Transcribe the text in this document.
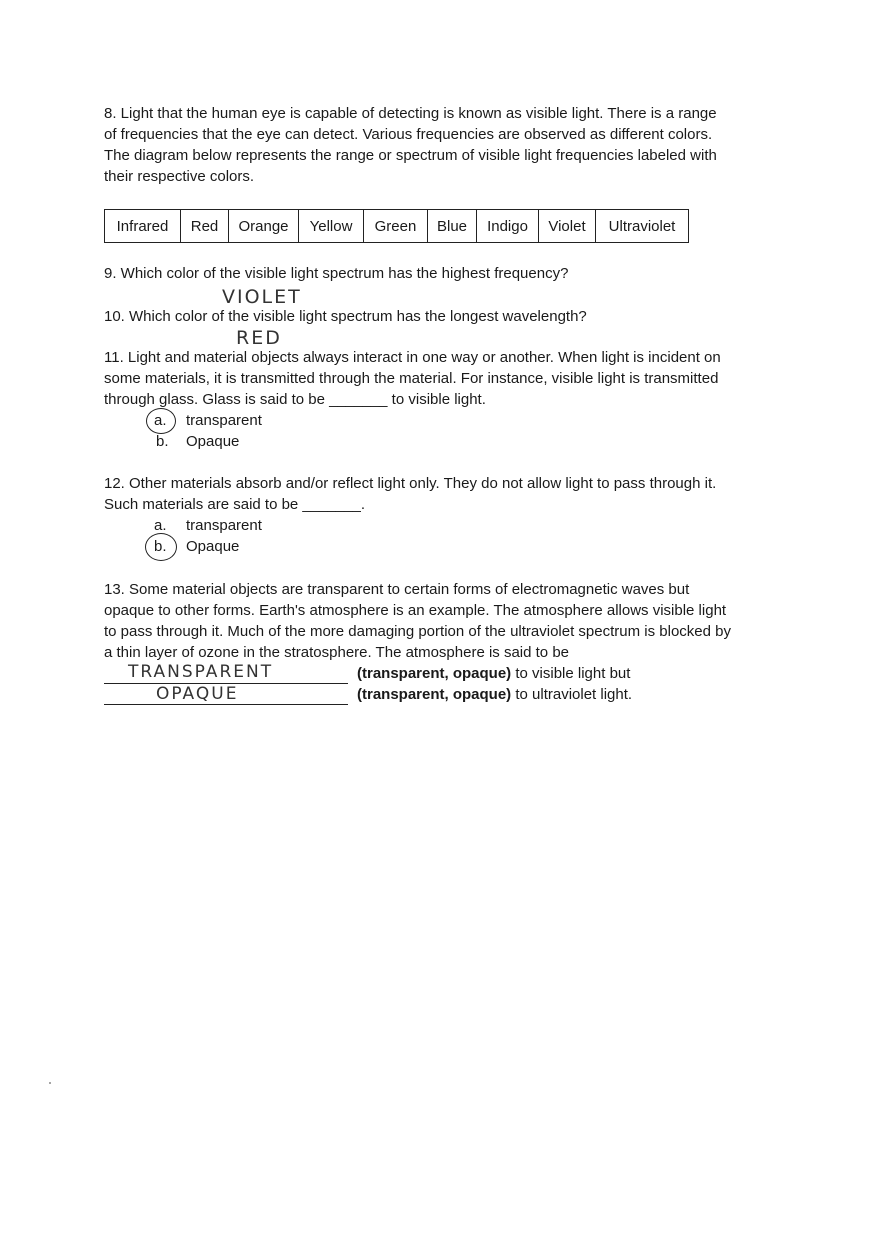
8. Light that the human eye is capable of detecting is known as visible light. There is a range
of frequencies that the eye can detect. Various frequencies are observed as different colors.
The diagram below represents the range or spectrum of visible light frequencies labeled with
their respective colors.
Infrared	Red	Orange	Yellow	Green	Blue	Indigo	Violet	Ultraviolet
9. Which color of the visible light spectrum has the highest frequency?
VIOLET
10. Which color of the visible light spectrum has the longest wavelength?
RED
11. Light and material objects always interact in one way or another. When light is incident on
some materials, it is transmitted through the material. For instance, visible light is transmitted
through glass. Glass is said to be _______ to visible light.
a. transparent
b. Opaque
12. Other materials absorb and/or reflect light only. They do not allow light to pass through it.
Such materials are said to be _______.
a. transparent
b. Opaque
13. Some material objects are transparent to certain forms of electromagnetic waves but
opaque to other forms. Earth's atmosphere is an example. The atmosphere allows visible light
to pass through it. Much of the more damaging portion of the ultraviolet spectrum is blocked by
a thin layer of ozone in the stratosphere. The atmosphere is said to be
TRANSPARENT	(transparent, opaque) to visible light but
OPAQUE	(transparent, opaque) to ultraviolet light.
